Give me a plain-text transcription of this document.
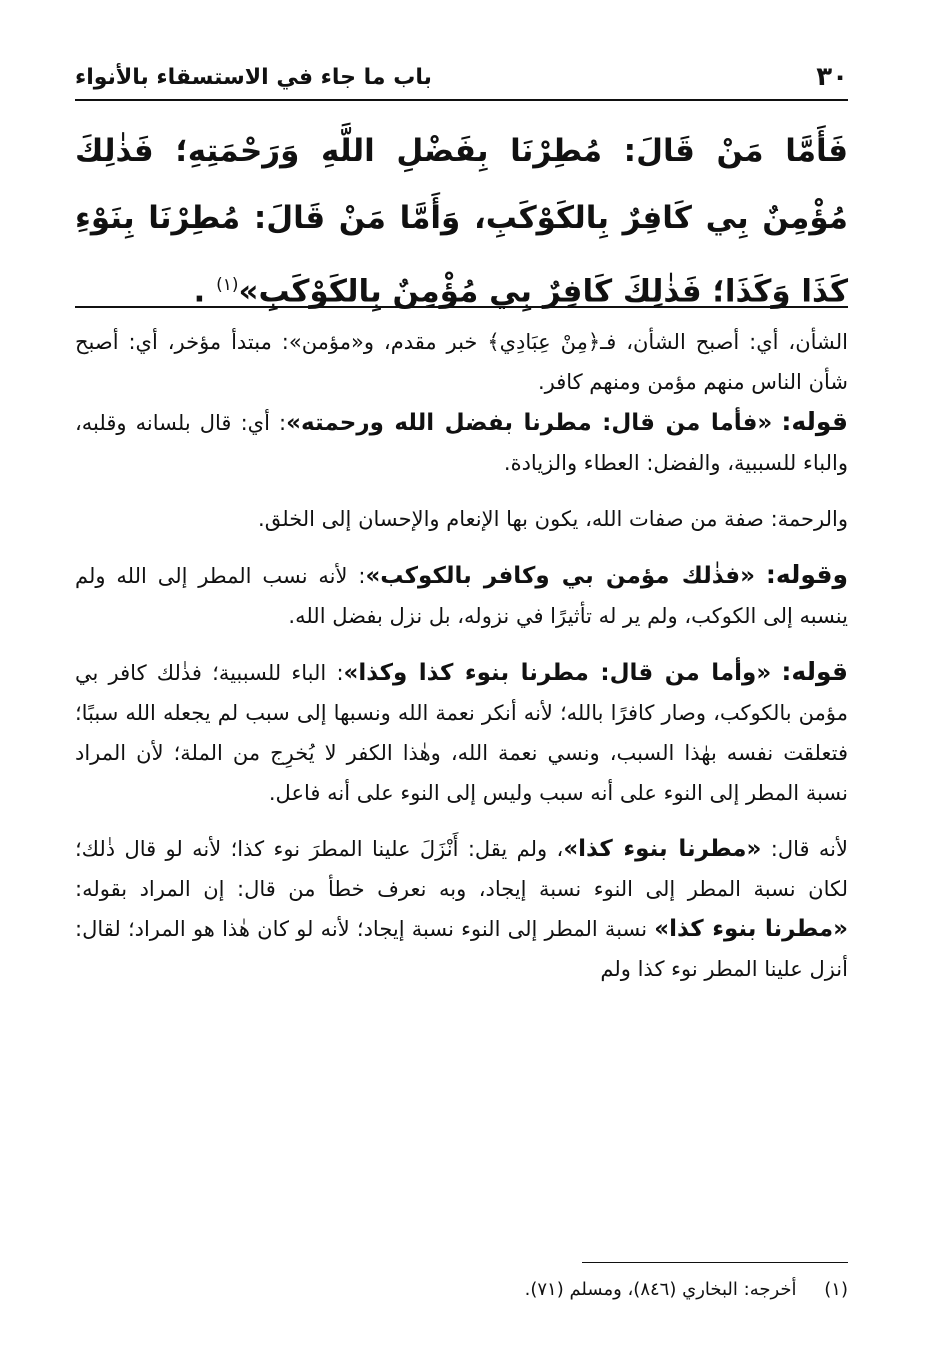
٣٠
باب ما جاء في الاستسقاء بالأنواء
فَأَمَّا مَنْ قَالَ: مُطِرْنَا بِفَضْلِ اللَّهِ وَرَحْمَتِهِ؛ فَذٰلِكَ مُؤْمِنٌ بِي كَافِرٌ بِالكَوْكَبِ، وَأَمَّا مَنْ قَالَ: مُطِرْنَا بِنَوْءِ كَذَا وَكَذَا؛ فَذٰلِكَ كَافِرٌ بِي مُؤْمِنٌ بِالكَوْكَبِ»$^{(١)}$ .

الشأن، أي: أصبح الشأن، فـ﴿مِنْ عِبَادِي﴾ خبر مقدم، و«مؤمن»: مبتدأ مؤخر، أي: أصبح شأن الناس منهم مؤمن ومنهم كافر.

قوله: «فأما من قال: مطرنا بفضل الله ورحمته»: أي: قال بلسانه وقلبه، والباء للسببية، والفضل: العطاء والزيادة.

والرحمة: صفة من صفات الله، يكون بها الإنعام والإحسان إلى الخلق.

وقوله: «فذٰلك مؤمن بي وكافر بالكوكب»: لأنه نسب المطر إلى الله ولم ينسبه إلى الكوكب، ولم ير له تأثيرًا في نزوله، بل نزل بفضل الله.

قوله: «وأما من قال: مطرنا بنوء كذا وكذا»: الباء للسببية؛ فذٰلك كافر بي مؤمن بالكوكب، وصار كافرًا بالله؛ لأنه أنكر نعمة الله ونسبها إلى سبب لم يجعله الله سببًا؛ فتعلقت نفسه بهٰذا السبب، ونسي نعمة الله، وهٰذا الكفر لا يُخرِج من الملة؛ لأن المراد نسبة المطر إلى النوء على أنه سبب وليس إلى النوء على أنه فاعل.

لأنه قال: «مطرنا بنوء كذا»، ولم يقل: أَنْزَلَ علينا المطرَ نوء كذا؛ لأنه لو قال ذٰلك؛ لكان نسبة المطر إلى النوء نسبة إيجاد، وبه نعرف خطأ من قال: إن المراد بقوله: «مطرنا بنوء كذا» نسبة المطر إلى النوء نسبة إيجاد؛ لأنه لو كان هٰذا هو المراد؛ لقال: أنزل علينا المطر نوء كذا ولم

(١) أخرجه: البخاري (٨٤٦)، ومسلم (٧١).
